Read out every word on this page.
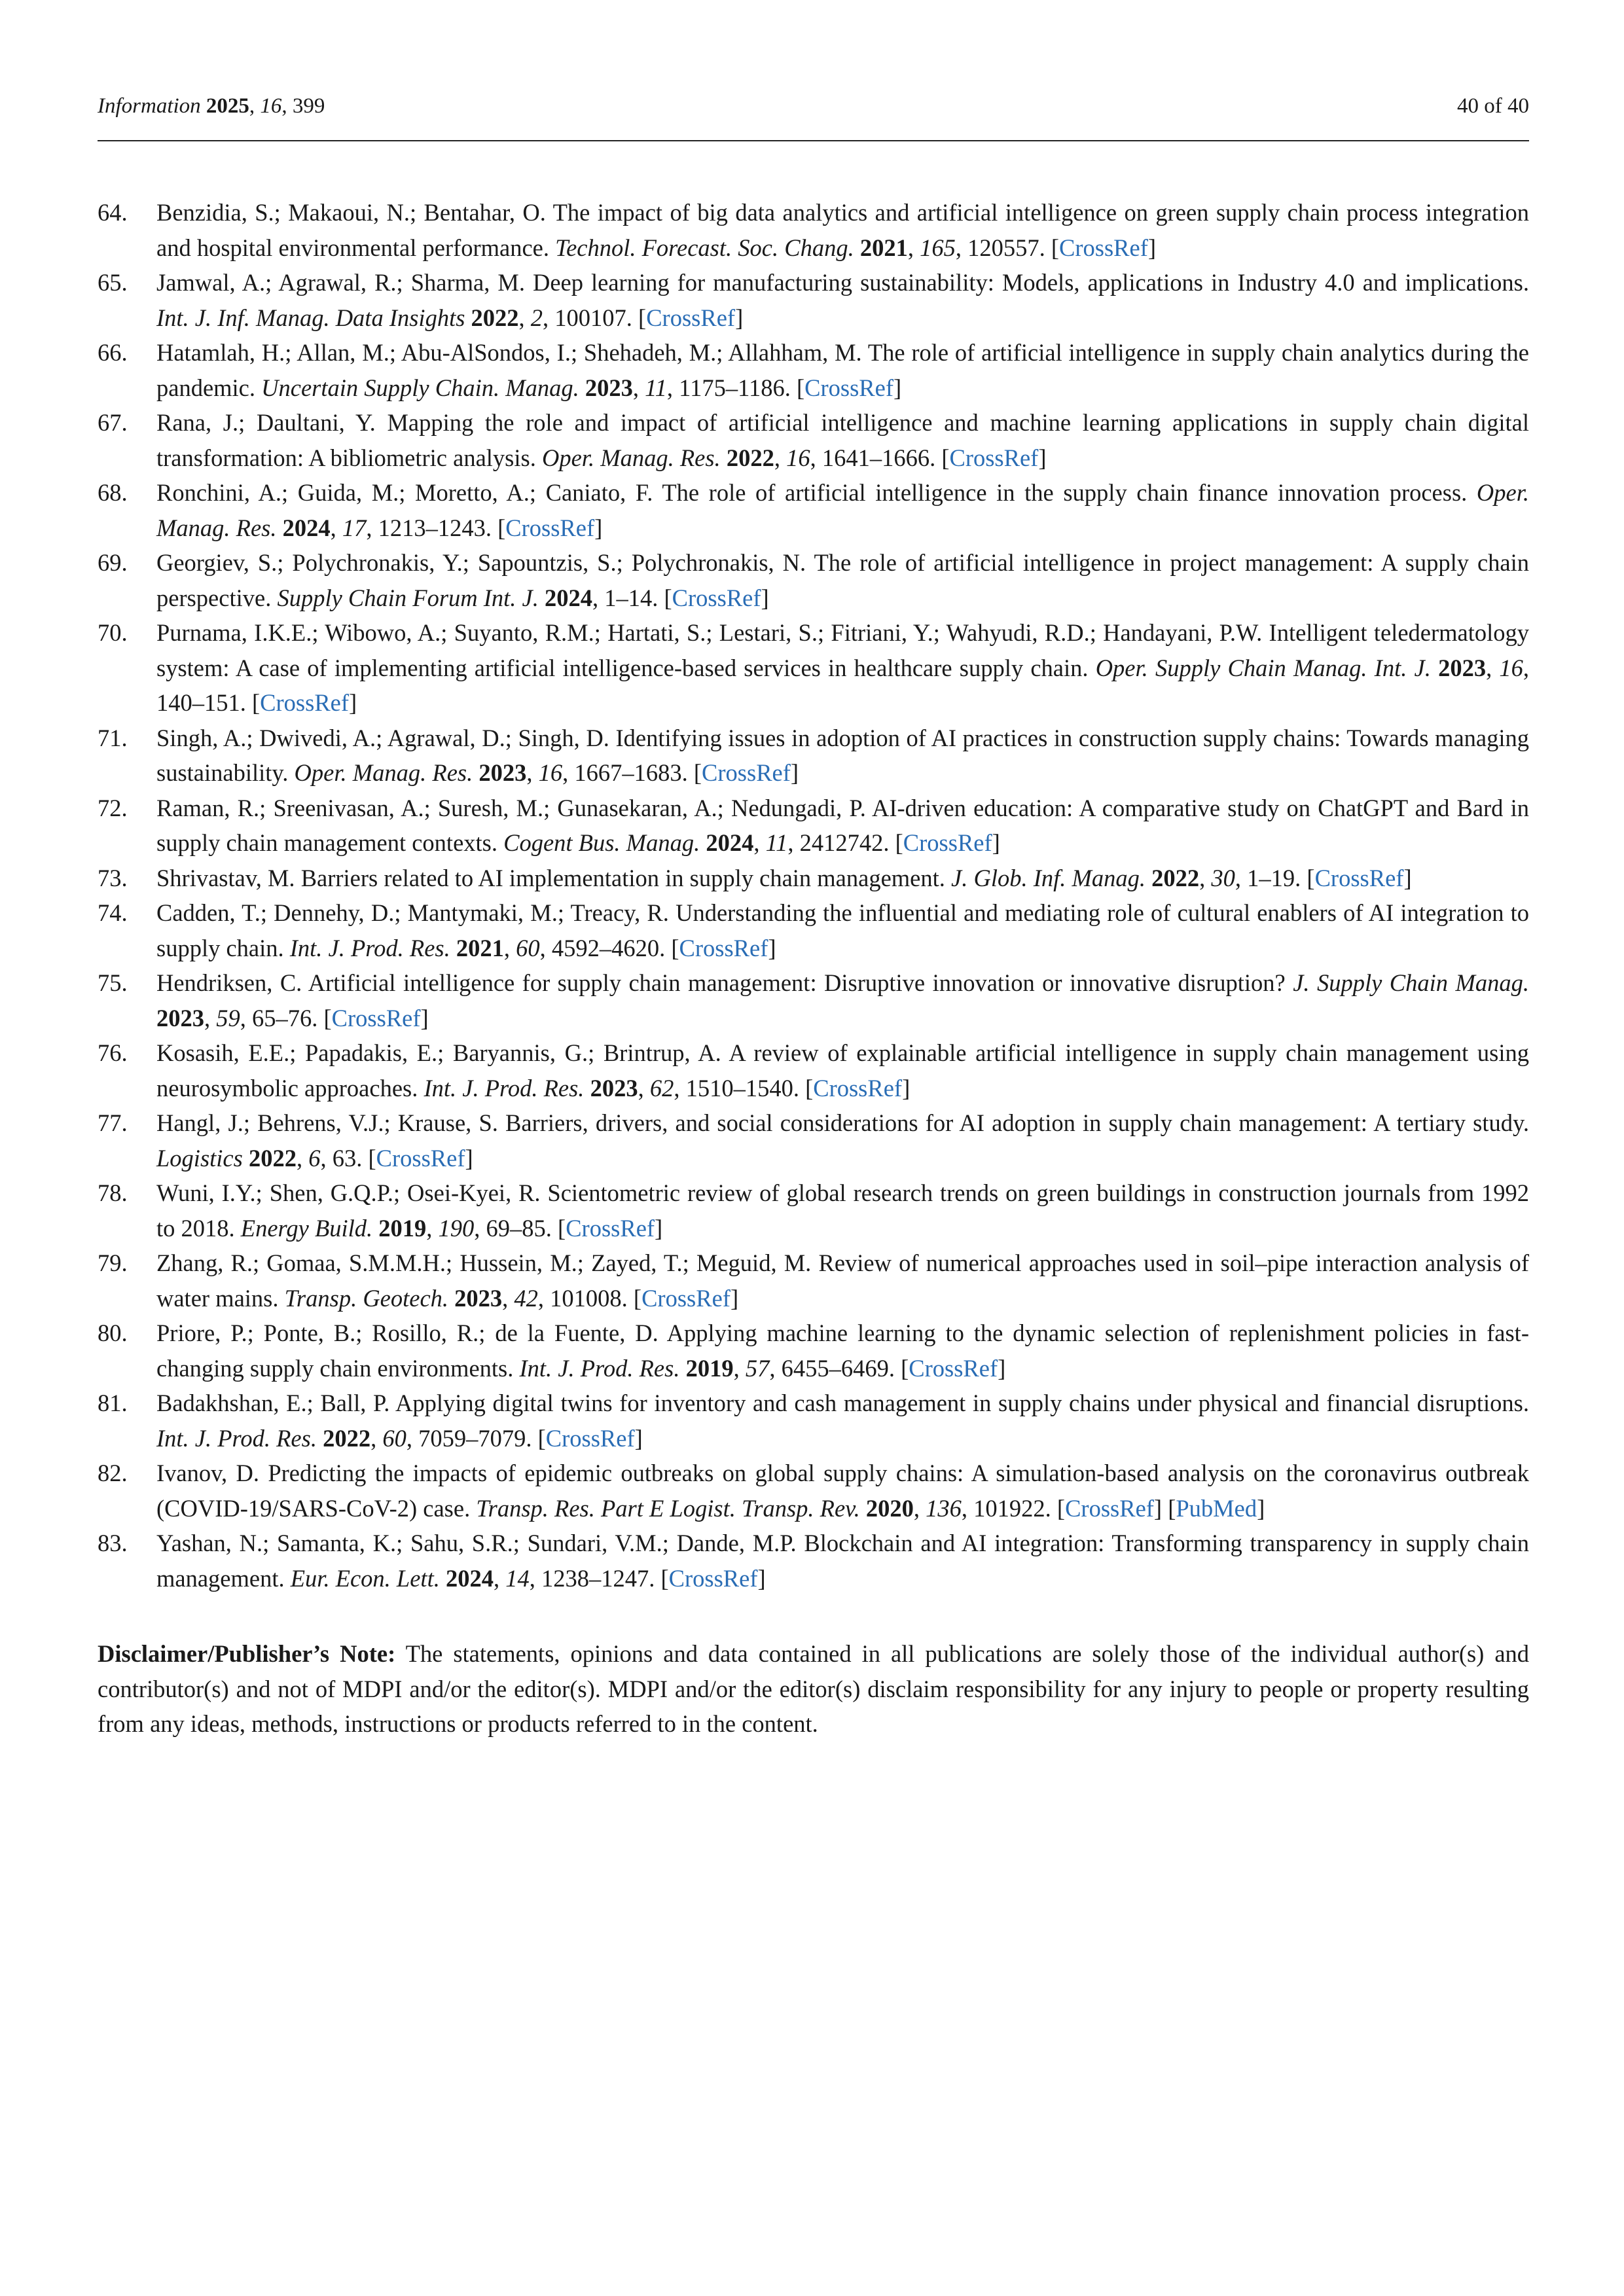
Information 2025, 16, 399	40 of 40
64. Benzidia, S.; Makaoui, N.; Bentahar, O. The impact of big data analytics and artificial intelligence on green supply chain process integration and hospital environmental performance. Technol. Forecast. Soc. Chang. 2021, 165, 120557. [CrossRef]
65. Jamwal, A.; Agrawal, R.; Sharma, M. Deep learning for manufacturing sustainability: Models, applications in Industry 4.0 and implications. Int. J. Inf. Manag. Data Insights 2022, 2, 100107. [CrossRef]
66. Hatamlah, H.; Allan, M.; Abu-AlSondos, I.; Shehadeh, M.; Allahham, M. The role of artificial intelligence in supply chain analytics during the pandemic. Uncertain Supply Chain. Manag. 2023, 11, 1175–1186. [CrossRef]
67. Rana, J.; Daultani, Y. Mapping the role and impact of artificial intelligence and machine learning applications in supply chain digital transformation: A bibliometric analysis. Oper. Manag. Res. 2022, 16, 1641–1666. [CrossRef]
68. Ronchini, A.; Guida, M.; Moretto, A.; Caniato, F. The role of artificial intelligence in the supply chain finance innovation process. Oper. Manag. Res. 2024, 17, 1213–1243. [CrossRef]
69. Georgiev, S.; Polychronakis, Y.; Sapountzis, S.; Polychronakis, N. The role of artificial intelligence in project management: A supply chain perspective. Supply Chain Forum Int. J. 2024, 1–14. [CrossRef]
70. Purnama, I.K.E.; Wibowo, A.; Suyanto, R.M.; Hartati, S.; Lestari, S.; Fitriani, Y.; Wahyudi, R.D.; Handayani, P.W. Intelligent teledermatology system: A case of implementing artificial intelligence-based services in healthcare supply chain. Oper. Supply Chain Manag. Int. J. 2023, 16, 140–151. [CrossRef]
71. Singh, A.; Dwivedi, A.; Agrawal, D.; Singh, D. Identifying issues in adoption of AI practices in construction supply chains: Towards managing sustainability. Oper. Manag. Res. 2023, 16, 1667–1683. [CrossRef]
72. Raman, R.; Sreenivasan, A.; Suresh, M.; Gunasekaran, A.; Nedungadi, P. AI-driven education: A comparative study on ChatGPT and Bard in supply chain management contexts. Cogent Bus. Manag. 2024, 11, 2412742. [CrossRef]
73. Shrivastav, M. Barriers related to AI implementation in supply chain management. J. Glob. Inf. Manag. 2022, 30, 1–19. [CrossRef]
74. Cadden, T.; Dennehy, D.; Mantymaki, M.; Treacy, R. Understanding the influential and mediating role of cultural enablers of AI integration to supply chain. Int. J. Prod. Res. 2021, 60, 4592–4620. [CrossRef]
75. Hendriksen, C. Artificial intelligence for supply chain management: Disruptive innovation or innovative disruption? J. Supply Chain Manag. 2023, 59, 65–76. [CrossRef]
76. Kosasih, E.E.; Papadakis, E.; Baryannis, G.; Brintrup, A. A review of explainable artificial intelligence in supply chain management using neurosymbolic approaches. Int. J. Prod. Res. 2023, 62, 1510–1540. [CrossRef]
77. Hangl, J.; Behrens, V.J.; Krause, S. Barriers, drivers, and social considerations for AI adoption in supply chain management: A tertiary study. Logistics 2022, 6, 63. [CrossRef]
78. Wuni, I.Y.; Shen, G.Q.P.; Osei-Kyei, R. Scientometric review of global research trends on green buildings in construction journals from 1992 to 2018. Energy Build. 2019, 190, 69–85. [CrossRef]
79. Zhang, R.; Gomaa, S.M.M.H.; Hussein, M.; Zayed, T.; Meguid, M. Review of numerical approaches used in soil–pipe interaction analysis of water mains. Transp. Geotech. 2023, 42, 101008. [CrossRef]
80. Priore, P.; Ponte, B.; Rosillo, R.; de la Fuente, D. Applying machine learning to the dynamic selection of replenishment policies in fast-changing supply chain environments. Int. J. Prod. Res. 2019, 57, 6455–6469. [CrossRef]
81. Badakhshan, E.; Ball, P. Applying digital twins for inventory and cash management in supply chains under physical and financial disruptions. Int. J. Prod. Res. 2022, 60, 7059–7079. [CrossRef]
82. Ivanov, D. Predicting the impacts of epidemic outbreaks on global supply chains: A simulation-based analysis on the coronavirus outbreak (COVID-19/SARS-CoV-2) case. Transp. Res. Part E Logist. Transp. Rev. 2020, 136, 101922. [CrossRef] [PubMed]
83. Yashan, N.; Samanta, K.; Sahu, S.R.; Sundari, V.M.; Dande, M.P. Blockchain and AI integration: Transforming transparency in supply chain management. Eur. Econ. Lett. 2024, 14, 1238–1247. [CrossRef]
Disclaimer/Publisher’s Note: The statements, opinions and data contained in all publications are solely those of the individual author(s) and contributor(s) and not of MDPI and/or the editor(s). MDPI and/or the editor(s) disclaim responsibility for any injury to people or property resulting from any ideas, methods, instructions or products referred to in the content.
